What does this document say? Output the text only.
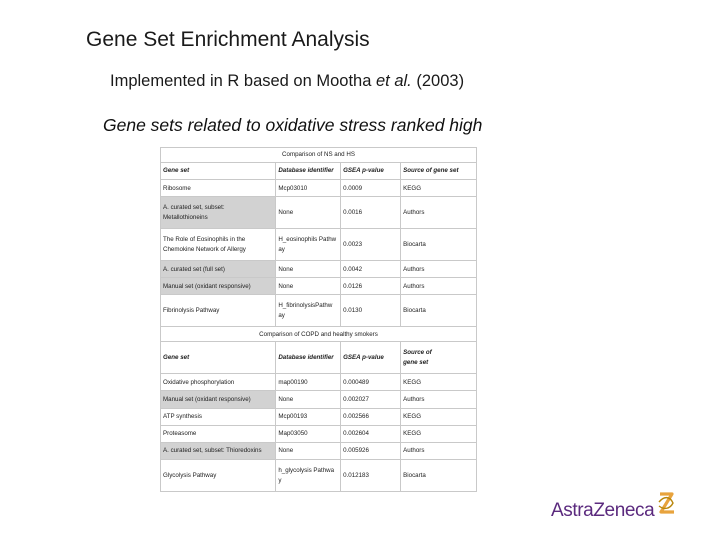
Gene Set Enrichment Analysis
Implemented in R based on Mootha et al. (2003)
Gene sets related to oxidative stress ranked high
Comparison of NS and HS			
Gene set	Database identifier	GSEA p-value	Source of gene set
Ribosome	Mcp03010	0.0009	KEGG
A. curated set, subset:
Metallothioneins	None	0.0016	Authors
The Role of Eosinophils in the
Chemokine Network of Allergy	H_eosinophils Pathw
ay	0.0023	Biocarta
A. curated set (full set)	None	0.0042	Authors
Manual set (oxidant responsive)	None	0.0126	Authors
Fibrinolysis Pathway	H_fibrinolysisPathw
ay	0.0130	Biocarta
Comparison of COPD and healthy smokers			
Gene set	Database identifier	GSEA p-value	Source of
gene set

Oxidative phosphorylation	map00190	0.000489	KEGG
Manual set (oxidant responsive)	None	0.002027	Authors
ATP synthesis	Mcp00193	0.002566	KEGG
Proteasome	Map03050	0.002604	KEGG
A. curated set, subset: Thioredoxins	None	0.005926	Authors
Glycolysis Pathway	h_glycolysis Pathwa
y	0.012183	Biocarta
AstraZeneca
